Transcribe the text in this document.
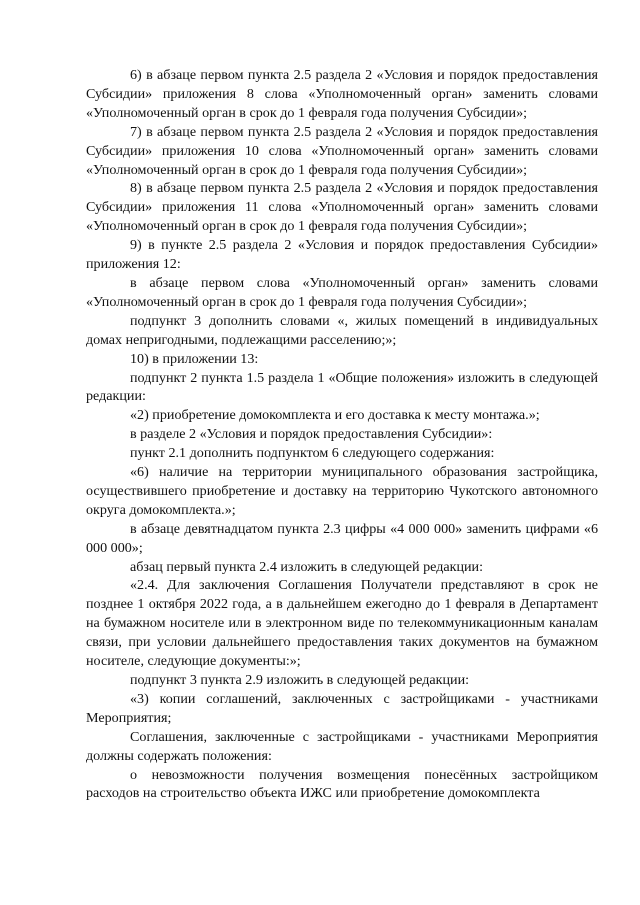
6) в абзаце первом пункта 2.5 раздела 2 «Условия и порядок предоставления Субсидии» приложения 8 слова «Уполномоченный орган» заменить словами «Уполномоченный орган в срок до 1 февраля года получения Субсидии»;

7) в абзаце первом пункта 2.5 раздела 2 «Условия и порядок предоставления Субсидии» приложения 10 слова «Уполномоченный орган» заменить словами «Уполномоченный орган в срок до 1 февраля года получения Субсидии»;

8) в абзаце первом пункта 2.5 раздела 2 «Условия и порядок предоставления Субсидии» приложения 11 слова «Уполномоченный орган» заменить словами «Уполномоченный орган в срок до 1 февраля года получения Субсидии»;

9) в пункте 2.5 раздела 2 «Условия и порядок предоставления Субсидии» приложения 12:

в абзаце первом слова «Уполномоченный орган» заменить словами «Уполномоченный орган в срок до 1 февраля года получения Субсидии»;

подпункт 3 дополнить словами «, жилых помещений в индивидуальных домах непригодными, подлежащими расселению;»;

10) в приложении 13:

подпункт 2 пункта 1.5 раздела 1 «Общие положения» изложить в следующей редакции:

«2) приобретение домокомплекта и его доставка к месту монтажа.»;

в разделе 2 «Условия и порядок предоставления Субсидии»:

пункт 2.1 дополнить подпунктом 6 следующего содержания:

«6) наличие на территории муниципального образования застройщика, осуществившего приобретение и доставку на территорию Чукотского автономного округа домокомплекта.»;

в абзаце девятнадцатом пункта 2.3 цифры «4 000 000» заменить цифрами «6 000 000»;

абзац первый пункта 2.4 изложить в следующей редакции:

«2.4. Для заключения Соглашения Получатели представляют в срок не позднее 1 октября 2022 года, а в дальнейшем ежегодно до 1 февраля в Департамент на бумажном носителе или в электронном виде по телекоммуникационным каналам связи, при условии дальнейшего предоставления таких документов на бумажном носителе, следующие документы:»;

подпункт 3 пункта 2.9 изложить в следующей редакции:

«3) копии соглашений, заключенных с застройщиками - участниками Мероприятия;

Соглашения, заключенные с застройщиками - участниками Мероприятия должны содержать положения:

о невозможности получения возмещения понесённых застройщиком расходов на строительство объекта ИЖС или приобретение домокомплекта
